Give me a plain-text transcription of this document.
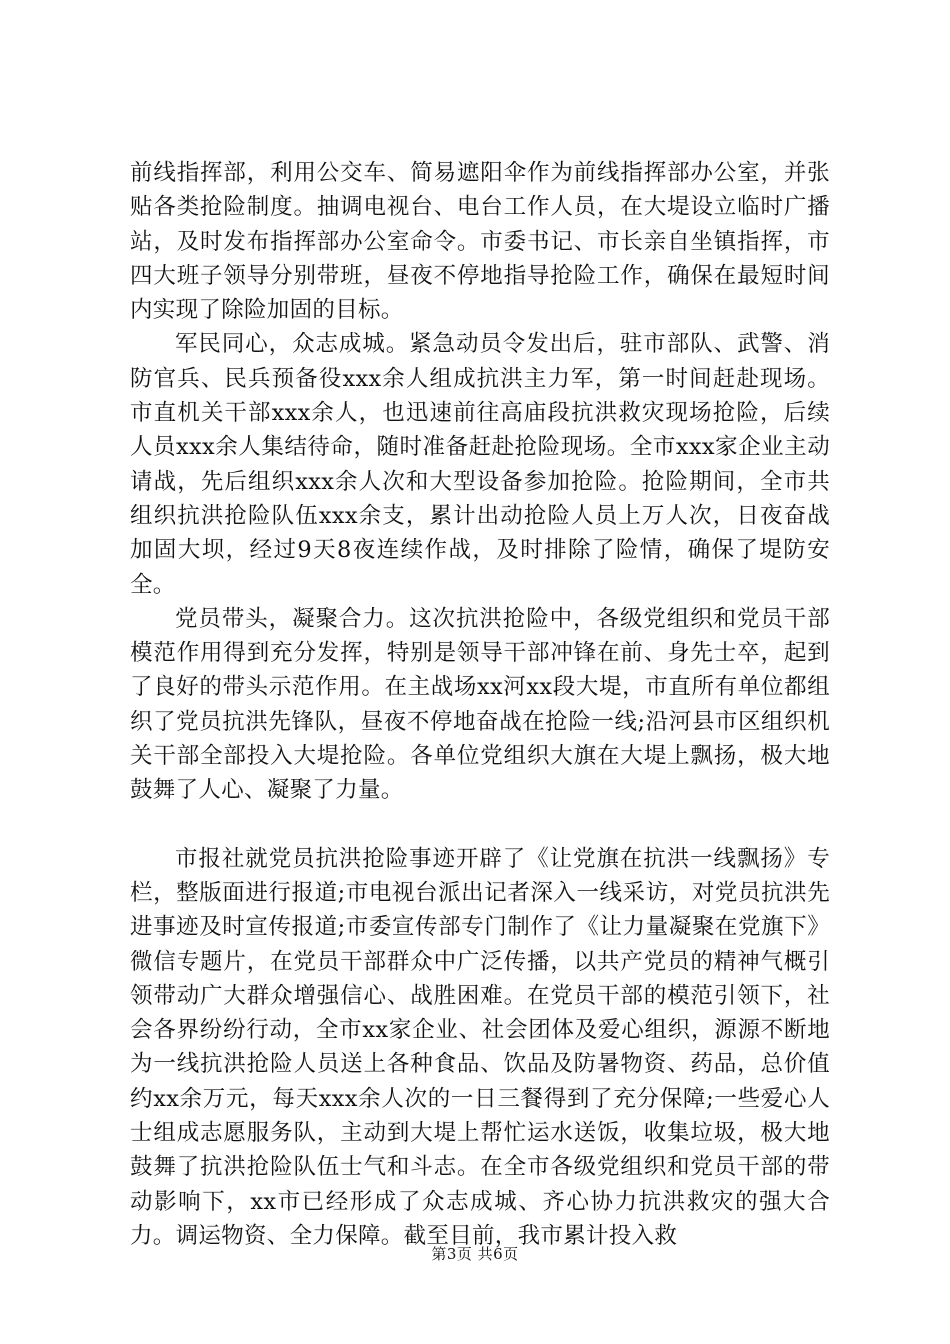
前线指挥部，利用公交车、简易遮阳伞作为前线指挥部办公室，并张贴各类抢险制度。抽调电视台、电台工作人员，在大堤设立临时广播站，及时发布指挥部办公室命令。市委书记、市长亲自坐镇指挥，市四大班子领导分别带班，昼夜不停地指导抢险工作，确保在最短时间内实现了除险加固的目标。

军民同心，众志成城。紧急动员令发出后，驻市部队、武警、消防官兵、民兵预备役xxx余人组成抗洪主力军，第一时间赶赴现场。市直机关干部xxx余人，也迅速前往高庙段抗洪救灾现场抢险，后续人员xxx余人集结待命，随时准备赶赴抢险现场。全市xxx家企业主动请战，先后组织xxx余人次和大型设备参加抢险。抢险期间，全市共组织抗洪抢险队伍xxx余支，累计出动抢险人员上万人次，日夜奋战加固大坝，经过9天8夜连续作战，及时排除了险情，确保了堤防安全。

党员带头，凝聚合力。这次抗洪抢险中，各级党组织和党员干部模范作用得到充分发挥，特别是领导干部冲锋在前、身先士卒，起到了良好的带头示范作用。在主战场xx河xx段大堤，市直所有单位都组织了党员抗洪先锋队，昼夜不停地奋战在抢险一线;沿河县市区组织机关干部全部投入大堤抢险。各单位党组织大旗在大堤上飘扬，极大地鼓舞了人心、凝聚了力量。

市报社就党员抗洪抢险事迹开辟了《让党旗在抗洪一线飘扬》专栏，整版面进行报道;市电视台派出记者深入一线采访，对党员抗洪先进事迹及时宣传报道;市委宣传部专门制作了《让力量凝聚在党旗下》微信专题片，在党员干部群众中广泛传播，以共产党员的精神气概引领带动广大群众增强信心、战胜困难。在党员干部的模范引领下，社会各界纷纷行动，全市xx家企业、社会团体及爱心组织，源源不断地为一线抗洪抢险人员送上各种食品、饮品及防暑物资、药品，总价值约xx余万元，每天xxx余人次的一日三餐得到了充分保障;一些爱心人士组成志愿服务队，主动到大堤上帮忙运水送饭，收集垃圾，极大地鼓舞了抗洪抢险队伍士气和斗志。在全市各级党组织和党员干部的带动影响下，xx市已经形成了众志成城、齐心协力抗洪救灾的强大合力。调运物资、全力保障。截至目前，我市累计投入救

第3页 共6页
